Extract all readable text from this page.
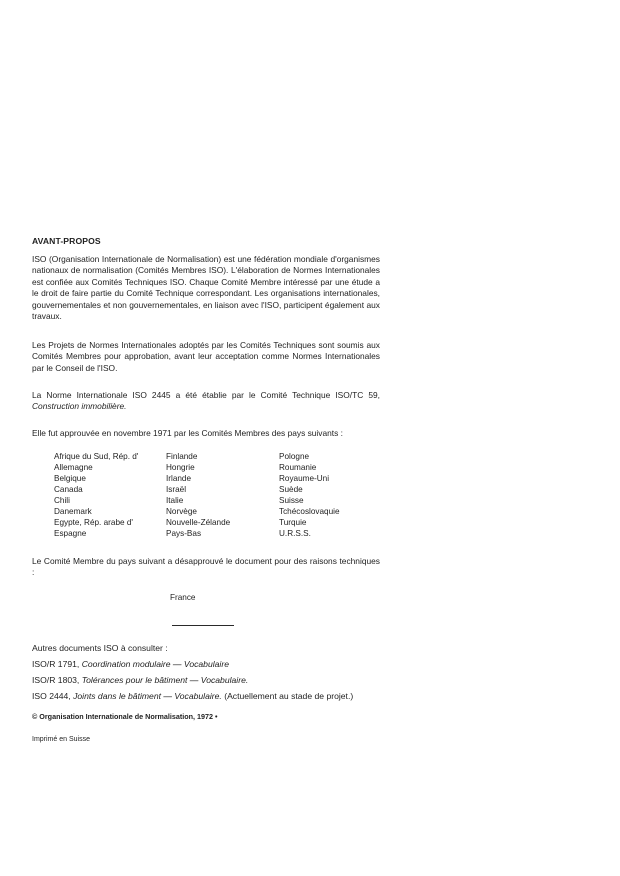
AVANT-PROPOS

ISO (Organisation Internationale de Normalisation) est une fédération mondiale d'organismes nationaux de normalisation (Comités Membres ISO). L'élaboration de Normes Internationales est confiée aux Comités Techniques ISO. Chaque Comité Membre intéressé par une étude a le droit de faire partie du Comité Technique correspondant. Les organisations internationales, gouvernementales et non gouvernementales, en liaison avec l'ISO, participent également aux travaux.

Les Projets de Normes Internationales adoptés par les Comités Techniques sont soumis aux Comités Membres pour approbation, avant leur acceptation comme Normes Internationales par le Conseil de l'ISO.

La Norme Internationale ISO 2445 a été établie par le Comité Technique ISO/TC 59, Construction immobilière.

Elle fut approuvée en novembre 1971 par les Comités Membres des pays suivants :

Afrique du Sud, Rép. d'
Allemagne
Belgique
Canada
Chili
Danemark
Egypte, Rép. arabe d'
Espagne
Finlande
Hongrie
Irlande
Israël
Italie
Norvège
Nouvelle-Zélande
Pays-Bas
Pologne
Roumanie
Royaume-Uni
Suède
Suisse
Tchécoslovaquie
Turquie
U.R.S.S.

Le Comité Membre du pays suivant a désapprouvé le document pour des raisons techniques :

France
Autres documents ISO à consulter :
ISO/R 1791, Coordination modulaire — Vocabulaire
ISO/R 1803, Tolérances pour le bâtiment — Vocabulaire.
ISO 2444, Joints dans le bâtiment — Vocabulaire. (Actuellement au stade de projet.)
© Organisation Internationale de Normalisation, 1972 •
Imprimé en Suisse
